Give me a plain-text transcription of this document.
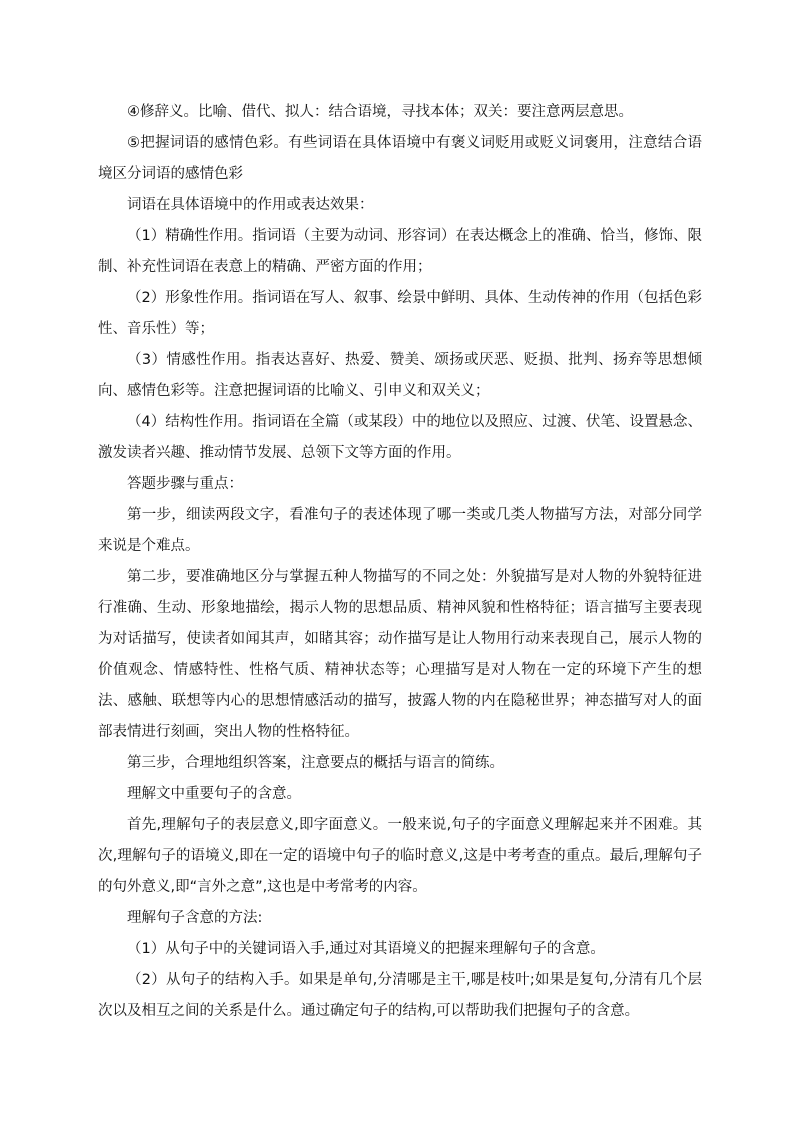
④修辞义。比喻、借代、拟人：结合语境，寻找本体；双关：要注意两层意思。

⑤把握词语的感情色彩。有些词语在具体语境中有褒义词贬用或贬义词褒用，注意结合语境区分词语的感情色彩

词语在具体语境中的作用或表达效果：

（1）精确性作用。指词语（主要为动词、形容词）在表达概念上的准确、恰当，修饰、限制、补充性词语在表意上的精确、严密方面的作用；

（2）形象性作用。指词语在写人、叙事、绘景中鲜明、具体、生动传神的作用（包括色彩性、音乐性）等；

（3）情感性作用。指表达喜好、热爱、赞美、颂扬或厌恶、贬损、批判、扬弃等思想倾向、感情色彩等。注意把握词语的比喻义、引申义和双关义；

（4）结构性作用。指词语在全篇（或某段）中的地位以及照应、过渡、伏笔、设置悬念、激发读者兴趣、推动情节发展、总领下文等方面的作用。

答题步骤与重点：

第一步，细读两段文字，看准句子的表述体现了哪一类或几类人物描写方法，对部分同学来说是个难点。

第二步，要准确地区分与掌握五种人物描写的不同之处：外貌描写是对人物的外貌特征进行准确、生动、形象地描绘，揭示人物的思想品质、精神风貌和性格特征；语言描写主要表现为对话描写，使读者如闻其声，如睹其容；动作描写是让人物用行动来表现自己，展示人物的价值观念、情感特性、性格气质、精神状态等；心理描写是对人物在一定的环境下产生的想法、感触、联想等内心的思想情感活动的描写，披露人物的内在隐秘世界；神态描写对人的面部表情进行刻画，突出人物的性格特征。

第三步，合理地组织答案，注意要点的概括与语言的简练。

理解文中重要句子的含意。

首先,理解句子的表层意义,即字面意义。一般来说,句子的字面意义理解起来并不困难。其次,理解句子的语境义,即在一定的语境中句子的临时意义,这是中考考查的重点。最后,理解句子的句外意义,即“言外之意”,这也是中考常考的内容。

理解句子含意的方法:

（1）从句子中的关键词语入手,通过对其语境义的把握来理解句子的含意。

（2）从句子的结构入手。如果是单句,分清哪是主干,哪是枝叶;如果是复句,分清有几个层次以及相互之间的关系是什么。通过确定句子的结构,可以帮助我们把握句子的含意。
